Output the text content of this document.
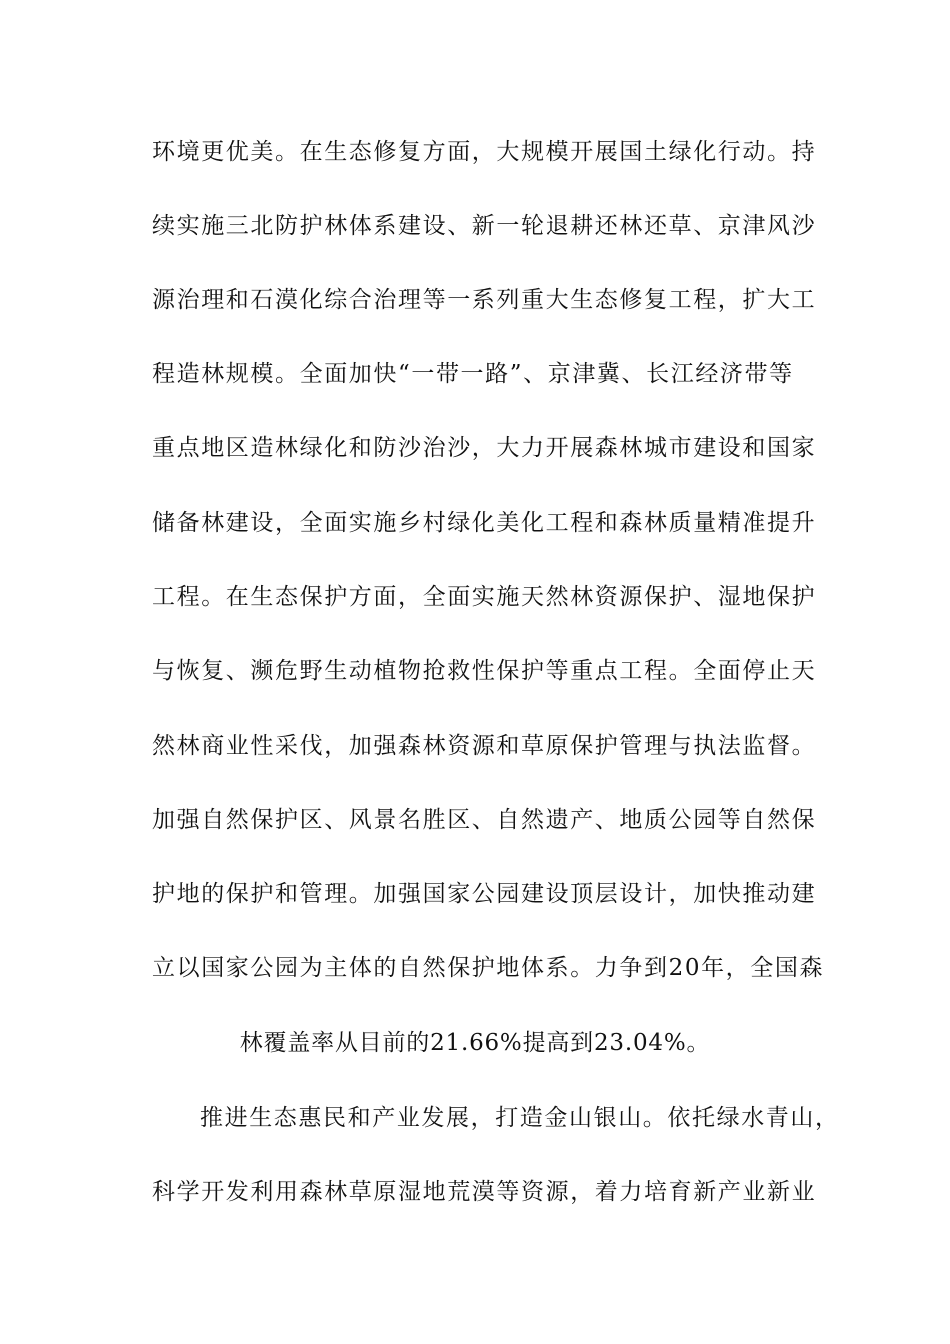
环境更优美。在生态修复方面，大规模开展国土绿化行动。持
续实施三北防护林体系建设、新一轮退耕还林还草、京津风沙
源治理和石漠化综合治理等一系列重大生态修复工程，扩大工
程造林规模。全面加快“一带一路”、京津冀、长江经济带等
重点地区造林绿化和防沙治沙，大力开展森林城市建设和国家
储备林建设，全面实施乡村绿化美化工程和森林质量精准提升
工程。在生态保护方面，全面实施天然林资源保护、湿地保护
与恢复、濒危野生动植物抢救性保护等重点工程。全面停止天
然林商业性采伐，加强森林资源和草原保护管理与执法监督。
加强自然保护区、风景名胜区、自然遗产、地质公园等自然保
护地的保护和管理。加强国家公园建设顶层设计，加快推动建
立以国家公园为主体的自然保护地体系。力争到20年，全国森
林覆盖率从目前的21.66%提高到23.04%。
推进生态惠民和产业发展，打造金山银山。依托绿水青山，
科学开发利用森林草原湿地荒漠等资源，着力培育新产业新业
